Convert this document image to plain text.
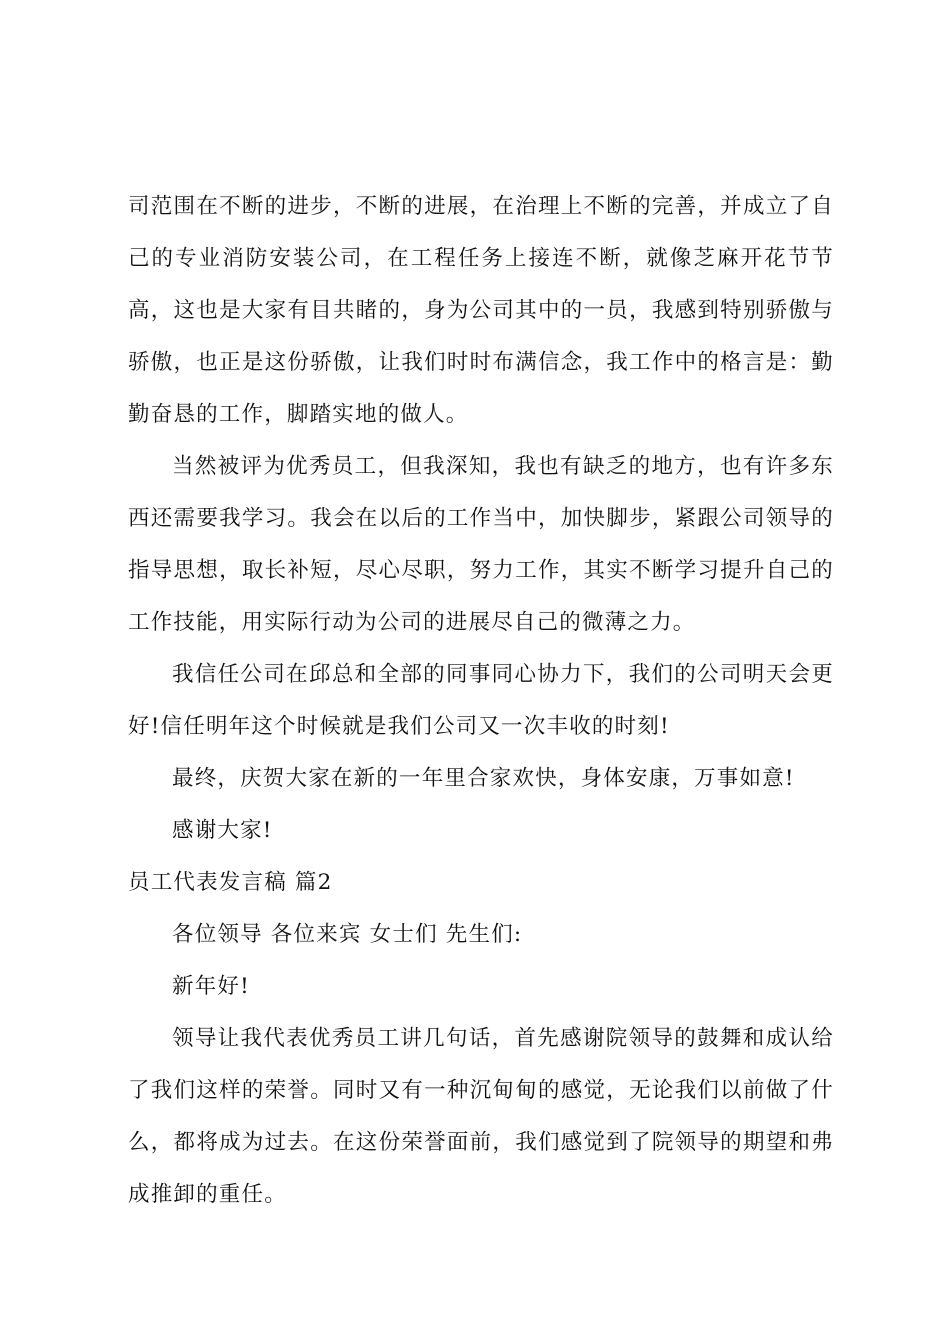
司范围在不断的进步，不断的进展，在治理上不断的完善，并成立了自
己的专业消防安装公司，在工程任务上接连不断，就像芝麻开花节节
高，这也是大家有目共睹的，身为公司其中的一员，我感到特别骄傲与
骄傲，也正是这份骄傲，让我们时时布满信念，我工作中的格言是：勤
勤奋恳的工作，脚踏实地的做人。
当然被评为优秀员工，但我深知，我也有缺乏的地方，也有许多东
西还需要我学习。我会在以后的工作当中，加快脚步，紧跟公司领导的
指导思想，取长补短，尽心尽职，努力工作，其实不断学习提升自己的
工作技能，用实际行动为公司的进展尽自己的微薄之力。
我信任公司在邱总和全部的同事同心协力下，我们的公司明天会更
好!信任明年这个时候就是我们公司又一次丰收的时刻!
最终，庆贺大家在新的一年里合家欢快，身体安康，万事如意!
感谢大家!
员工代表发言稿 篇2
各位领导 各位来宾 女士们 先生们:
新年好!
领导让我代表优秀员工讲几句话，首先感谢院领导的鼓舞和成认给
了我们这样的荣誉。同时又有一种沉甸甸的感觉，无论我们以前做了什
么，都将成为过去。在这份荣誉面前，我们感觉到了院领导的期望和弗
成推卸的重任。
